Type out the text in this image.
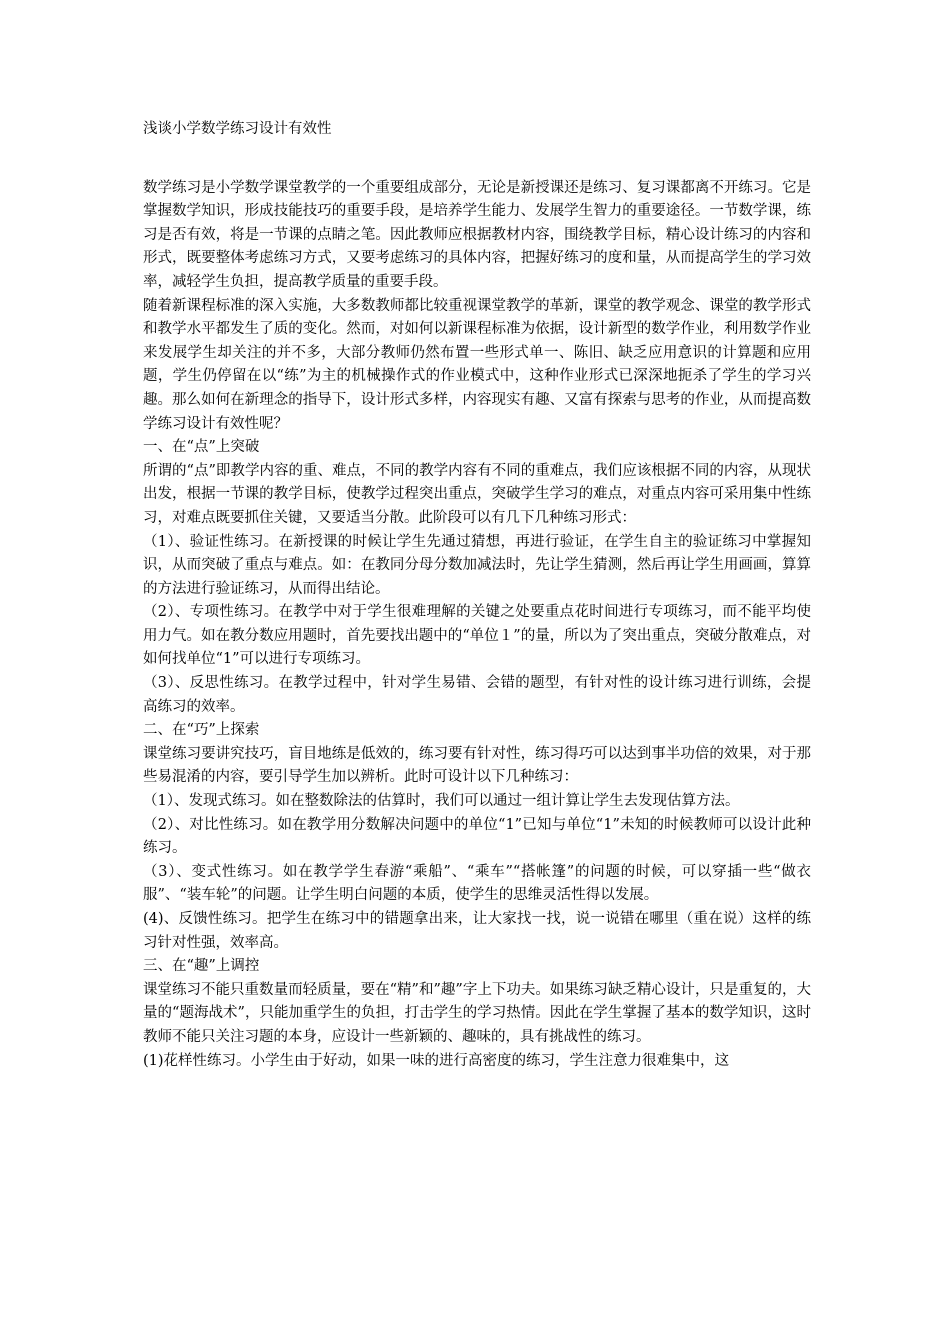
浅谈小学数学练习设计有效性

数学练习是小学数学课堂教学的一个重要组成部分，无论是新授课还是练习、复习课都离不开练习。它是掌握数学知识，形成技能技巧的重要手段，是培养学生能力、发展学生智力的重要途径。一节数学课，练习是否有效，将是一节课的点睛之笔。因此教师应根据教材内容，围绕教学目标，精心设计练习的内容和形式，既要整体考虑练习方式，又要考虑练习的具体内容，把握好练习的度和量，从而提高学生的学习效率，减轻学生负担，提高教学质量的重要手段。

随着新课程标准的深入实施，大多数教师都比较重视课堂教学的革新，课堂的教学观念、课堂的教学形式和教学水平都发生了质的变化。然而，对如何以新课程标准为依据，设计新型的数学作业，利用数学作业来发展学生却关注的并不多，大部分教师仍然布置一些形式单一、陈旧、缺乏应用意识的计算题和应用题，学生仍停留在以“练”为主的机械操作式的作业模式中，这种作业形式已深深地扼杀了学生的学习兴趣。那么如何在新理念的指导下，设计形式多样，内容现实有趣、又富有探索与思考的作业，从而提高数学练习设计有效性呢？

一、在“点”上突破

所谓的“点”即教学内容的重、难点，不同的教学内容有不同的重难点，我们应该根据不同的内容，从现状出发，根据一节课的教学目标，使教学过程突出重点，突破学生学习的难点，对重点内容可采用集中性练习，对难点既要抓住关键，又要适当分散。此阶段可以有几下几种练习形式：

（1）、验证性练习。在新授课的时候让学生先通过猜想，再进行验证，在学生自主的验证练习中掌握知识，从而突破了重点与难点。如：在教同分母分数加减法时，先让学生猜测，然后再让学生用画画，算算的方法进行验证练习，从而得出结论。

（2）、专项性练习。在教学中对于学生很难理解的关键之处要重点花时间进行专项练习，而不能平均使用力气。如在教分数应用题时，首先要找出题中的“单位１”的量，所以为了突出重点，突破分散难点，对如何找单位“1”可以进行专项练习。

（3）、反思性练习。在教学过程中，针对学生易错、会错的题型，有针对性的设计练习进行训练，会提高练习的效率。

二、在“巧”上探索

课堂练习要讲究技巧，盲目地练是低效的，练习要有针对性，练习得巧可以达到事半功倍的效果，对于那些易混淆的内容，要引导学生加以辨析。此时可设计以下几种练习：

（1）、发现式练习。如在整数除法的估算时，我们可以通过一组计算让学生去发现估算方法。

（2）、对比性练习。如在教学用分数解决问题中的单位“1”已知与单位“1”未知的时候教师可以设计此种练习。

（3）、变式性练习。如在教学学生春游“乘船”、“乘车”“搭帐篷”的问题的时候，可以穿插一些“做衣服”、“装车轮”的问题。让学生明白问题的本质，使学生的思维灵活性得以发展。

(4)、反馈性练习。把学生在练习中的错题拿出来，让大家找一找，说一说错在哪里（重在说）这样的练习针对性强，效率高。

三、在“趣”上调控

课堂练习不能只重数量而轻质量，要在“精”和”趣”字上下功夫。如果练习缺乏精心设计，只是重复的，大量的“题海战术”，只能加重学生的负担，打击学生的学习热情。因此在学生掌握了基本的数学知识，这时教师不能只关注习题的本身，应设计一些新颖的、趣味的，具有挑战性的练习。

(1)花样性练习。小学生由于好动，如果一味的进行高密度的练习，学生注意力很难集中，这
